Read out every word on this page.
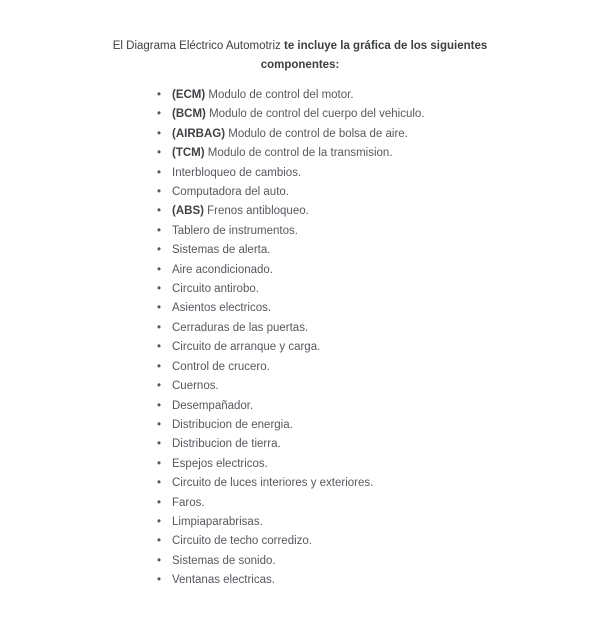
El Diagrama Eléctrico Automotriz te incluye la gráfica de los siguientes componentes:

• (ECM) Modulo de control del motor.
• (BCM) Modulo de control del cuerpo del vehiculo.
• (AIRBAG) Modulo de control de bolsa de aire.
• (TCM) Modulo de control de la transmision.
• Interbloqueo de cambios.
• Computadora del auto.
• (ABS) Frenos antibloqueo.
• Tablero de instrumentos.
• Sistemas de alerta.
• Aire acondicionado.
• Circuito antirobo.
• Asientos electricos.
• Cerraduras de las puertas.
• Circuito de arranque y carga.
• Control de crucero.
• Cuernos.
• Desempañador.
• Distribucion de energia.
• Distribucion de tierra.
• Espejos electricos.
• Circuito de luces interiores y exteriores.
• Faros.
• Limpiaparabrisas.
• Circuito de techo corredizo.
• Sistemas de sonido.
• Ventanas electricas.
